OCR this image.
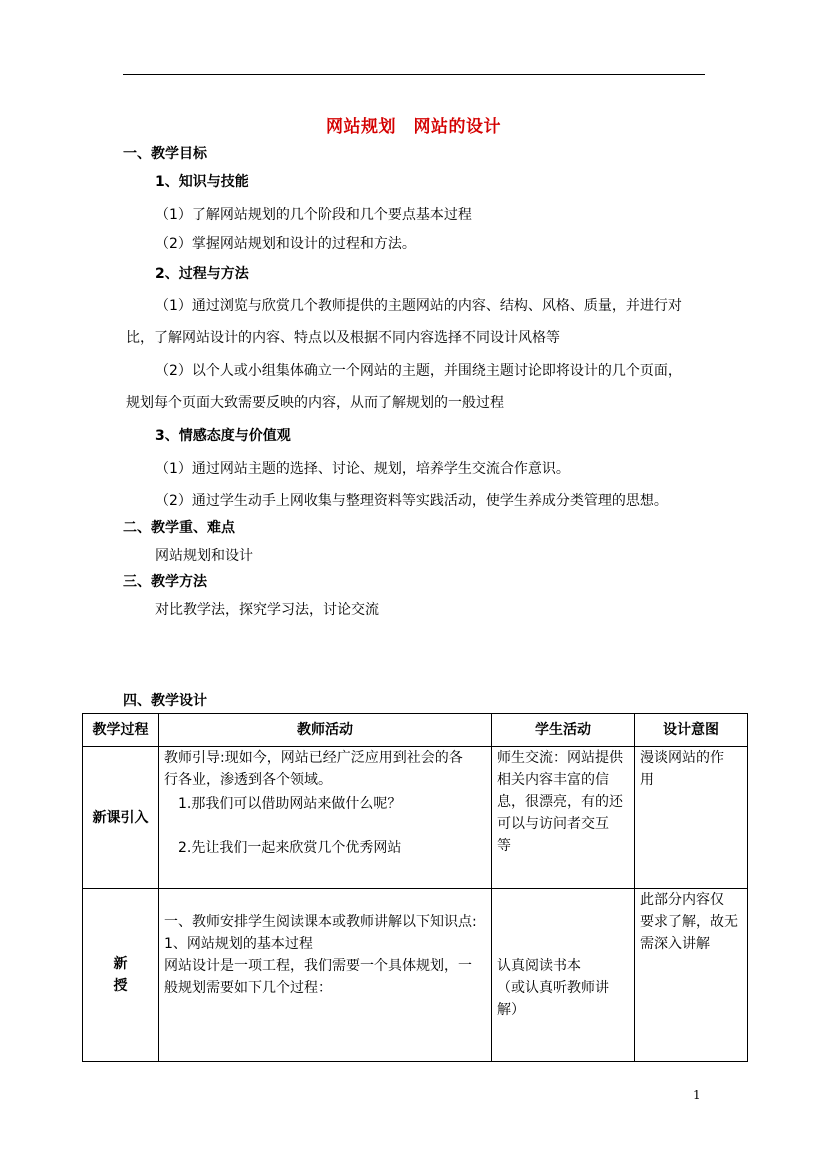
网站规划　网站的设计
一、教学目标
1、知识与技能
（1）了解网站规划的几个阶段和几个要点基本过程
（2）掌握网站规划和设计的过程和方法。
2、过程与方法
（1）通过浏览与欣赏几个教师提供的主题网站的内容、结构、风格、质量，并进行对
比，了解网站设计的内容、特点以及根据不同内容选择不同设计风格等
（2）以个人或小组集体确立一个网站的主题，并围绕主题讨论即将设计的几个页面，
规划每个页面大致需要反映的内容，从而了解规划的一般过程
3、情感态度与价值观
（1）通过网站主题的选择、讨论、规划，培养学生交流合作意识。
（2）通过学生动手上网收集与整理资料等实践活动，使学生养成分类管理的思想。
二、教学重、难点
网站规划和设计
三、教学方法
对比教学法，探究学习法，讨论交流
四、教学设计
教学过程	教师活动	学生活动	设计意图
新课引入	教师引导:现如今，网站已经广泛应用到社会的各
行各业，渗透到各个领域。
1.那我们可以借助网站来做什么呢？
2.先让我们一起来欣赏几个优秀网站	师生交流：网站提供
相关内容丰富的信
息，很漂亮，有的还
可以与访问者交互
等	漫谈网站的作
用

新
授	一、教师安排学生阅读课本或教师讲解以下知识点:
1、网站规划的基本过程
网站设计是一项工程，我们需要一个具体规划，一
般规划需要如下几个过程：	认真阅读书本
（或认真听教师讲
解）	此部分内容仅
要求了解，故无
需深入讲解
1
